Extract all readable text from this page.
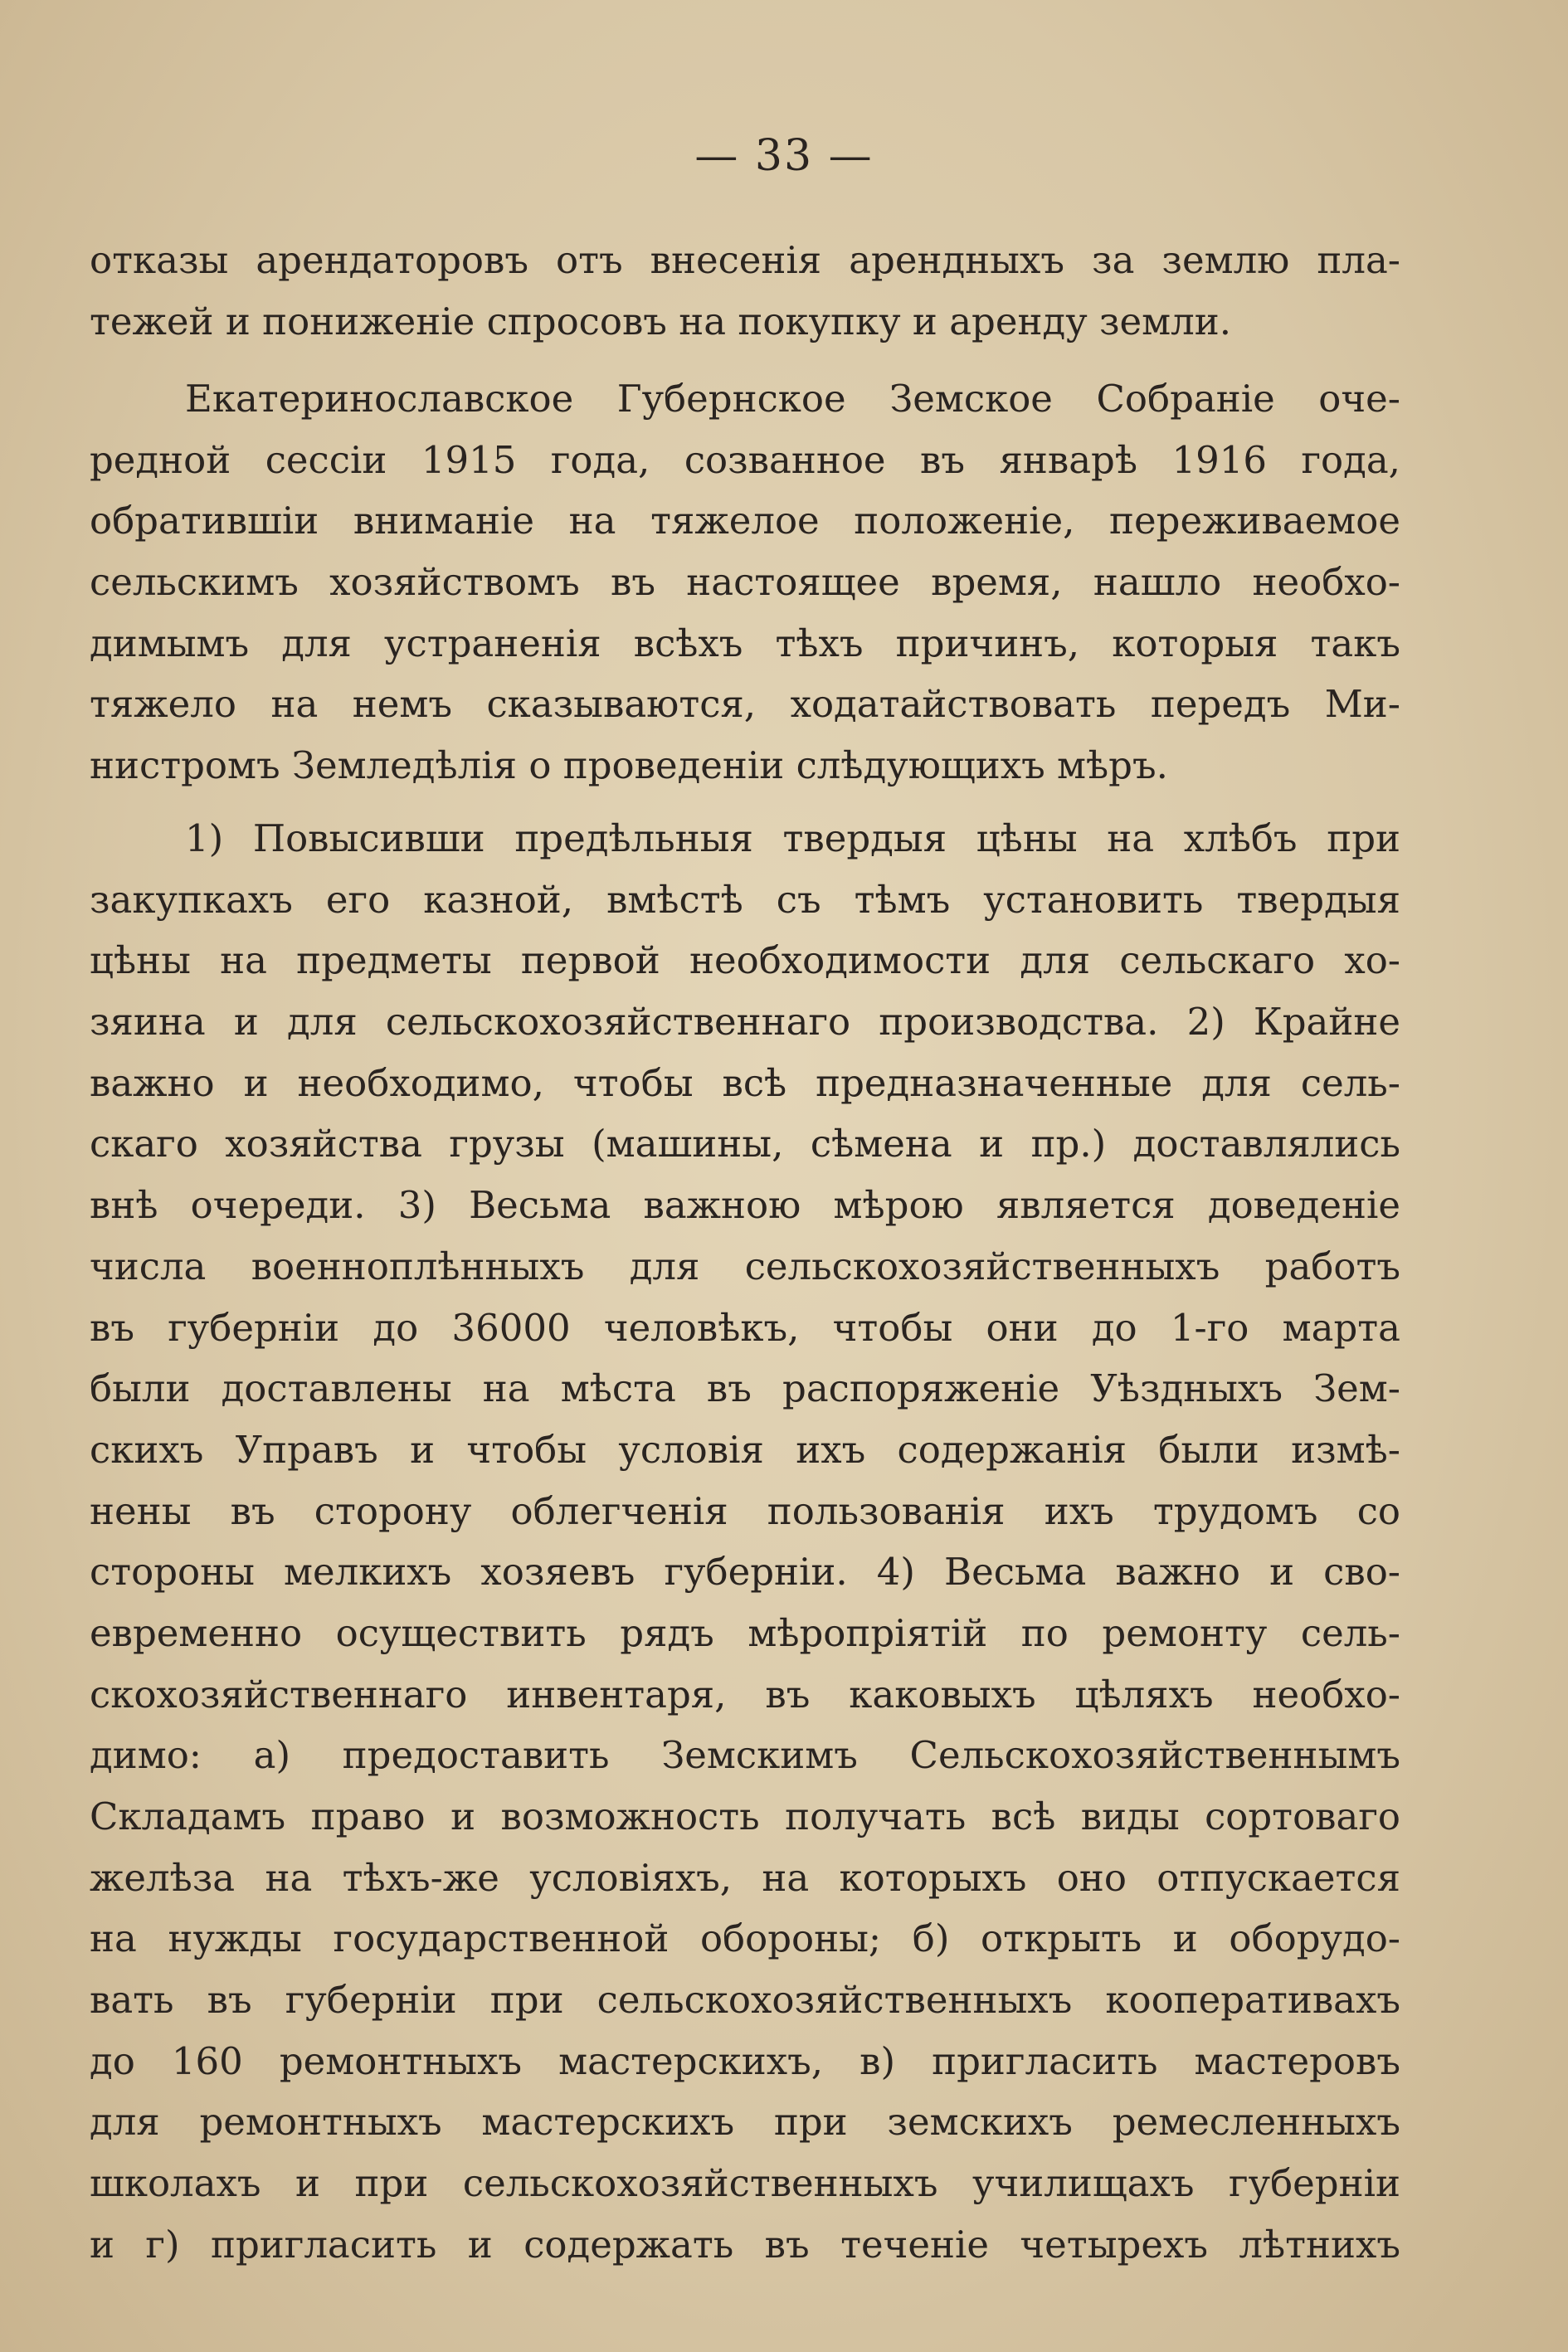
— 33 —
отказы арендаторовъ отъ внесенія арендныхъ за землю пла-
тежей и пониженіе спросовъ на покупку и аренду земли.
Екатеринославское Губернское Земское Собраніе оче-
редной сессіи 1915 года, созванное въ январѣ 1916 года,
обратившіи вниманіе на тяжелое положеніе, переживаемое
сельскимъ хозяйствомъ въ настоящее время, нашло необхо-
димымъ для устраненія всѣхъ тѣхъ причинъ, которыя такъ
тяжело на немъ сказываются, ходатайствовать передъ Ми-
нистромъ Земледѣлія о проведеніи слѣдующихъ мѣръ.
1) Повысивши предѣльныя твердыя цѣны на хлѣбъ при
закупкахъ его казной, вмѣстѣ съ тѣмъ установить твердыя
цѣны на предметы первой необходимости для сельскаго хо-
зяина и для сельскохозяйственнаго производства. 2) Крайне
важно и необходимо, чтобы всѣ предназначенные для сель-
скаго хозяйства грузы (машины, сѣмена и пр.) доставлялись
внѣ очереди. 3) Весьма важною мѣрою является доведеніе
числа военноплѣнныхъ для сельскохозяйственныхъ работъ
въ губерніи до 36000 человѣкъ, чтобы они до 1-го марта
были доставлены на мѣста въ распоряженіе Уѣздныхъ Зем-
скихъ Управъ и чтобы условія ихъ содержанія были измѣ-
нены въ сторону облегченія пользованія ихъ трудомъ со
стороны мелкихъ хозяевъ губерніи. 4) Весьма важно и сво-
евременно осуществить рядъ мѣропріятій по ремонту сель-
скохозяйственнаго инвентаря, въ каковыхъ цѣляхъ необхо-
димо: а) предоставить Земскимъ Сельскохозяйственнымъ
Складамъ право и возможность получать всѣ виды сортоваго
желѣза на тѣхъ-же условіяхъ, на которыхъ оно отпускается
на нужды государственной обороны; б) открыть и оборудо-
вать въ губерніи при сельскохозяйственныхъ кооперативахъ
до 160 ремонтныхъ мастерскихъ, в) пригласить мастеровъ
для ремонтныхъ мастерскихъ при земскихъ ремесленныхъ
школахъ и при сельскохозяйственныхъ училищахъ губерніи
и г) пригласить и содержать въ теченіе четырехъ лѣтнихъ
